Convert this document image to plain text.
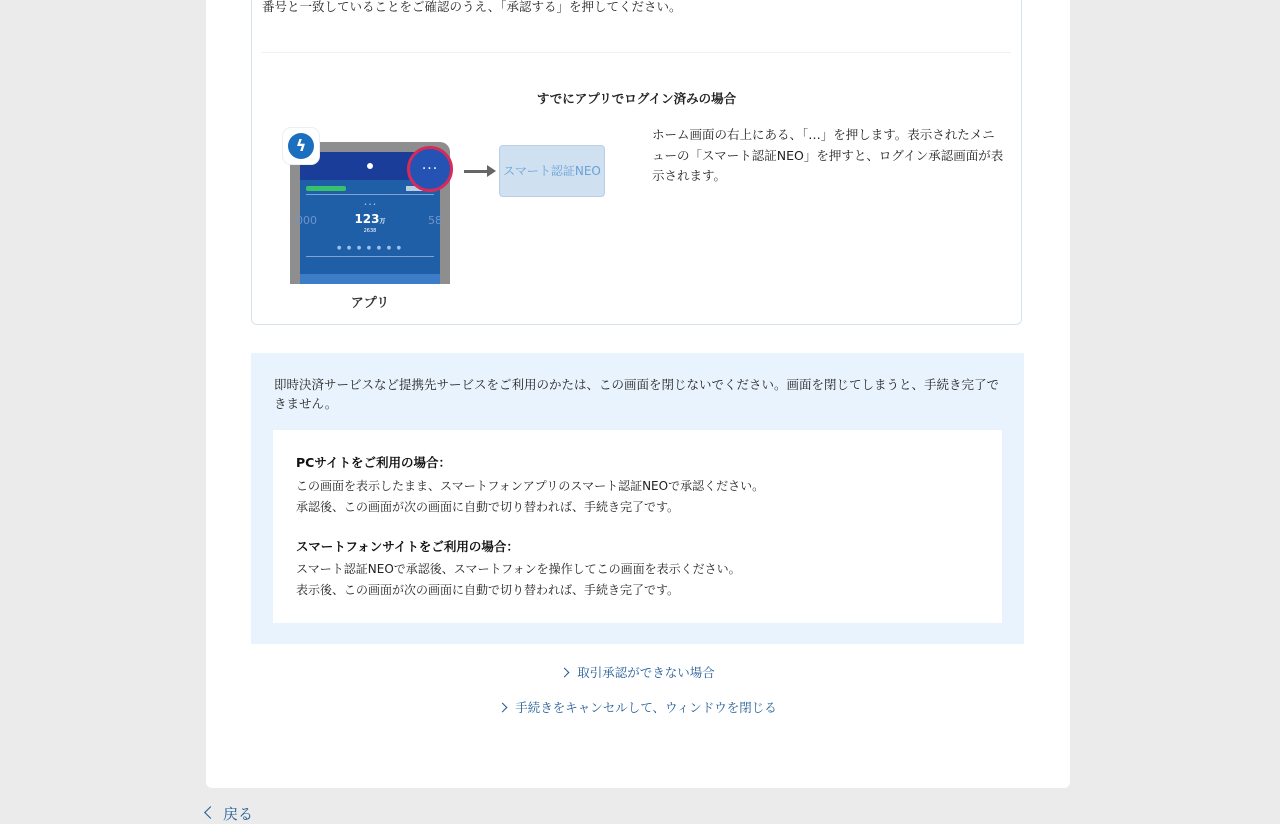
番号と一致していることをご確認のうえ、「承認する」を押してください。
すでにアプリでログイン済みの場合
• • •
123万
2638
000	58
● ● ● ● ● ● ●
ϟ
···	スマート認証NEO
アプリ
ホーム画面の右上にある、「…」を押します。表示されたメニューの「スマート認証NEO」を押すと、ログイン承認画面が表示されます。
即時決済サービスなど提携先サービスをご利用のかたは、この画面を閉じないでください。画面を閉じてしまうと、手続き完了できません。
PCサイトをご利用の場合：
この画面を表示したまま、スマートフォンアプリのスマート認証NEOで承認ください。
承認後、この画面が次の画面に自動で切り替われば、手続き完了です。
スマートフォンサイトをご利用の場合：
スマート認証NEOで承認後、スマートフォンを操作してこの画面を表示ください。
表示後、この画面が次の画面に自動で切り替われば、手続き完了です。
取引承認ができない場合
手続きをキャンセルして、ウィンドウを閉じる
戻る
